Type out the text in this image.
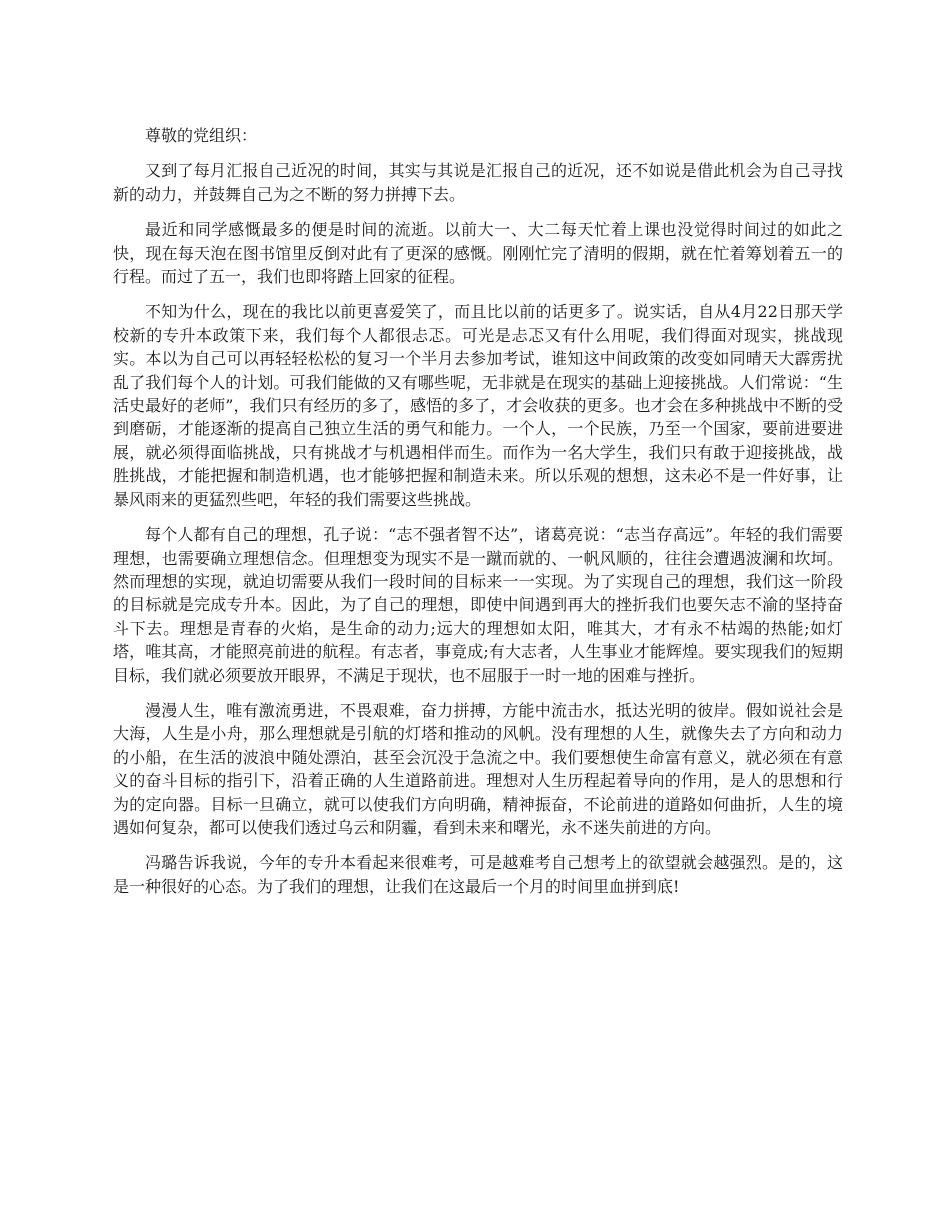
尊敬的党组织：

又到了每月汇报自己近况的时间，其实与其说是汇报自己的近况，还不如说是借此机会为自己寻找新的动力，并鼓舞自己为之不断的努力拼搏下去。

最近和同学感慨最多的便是时间的流逝。以前大一、大二每天忙着上课也没觉得时间过的如此之快，现在每天泡在图书馆里反倒对此有了更深的感慨。刚刚忙完了清明的假期，就在忙着筹划着五一的行程。而过了五一，我们也即将踏上回家的征程。

不知为什么，现在的我比以前更喜爱笑了，而且比以前的话更多了。说实话，自从4月22日那天学校新的专升本政策下来，我们每个人都很忐忑。可光是忐忑又有什么用呢，我们得面对现实，挑战现实。本以为自己可以再轻轻松松的复习一个半月去参加考试，谁知这中间政策的改变如同晴天大霹雳扰乱了我们每个人的计划。可我们能做的又有哪些呢，无非就是在现实的基础上迎接挑战。人们常说：“生活史最好的老师”，我们只有经历的多了，感悟的多了，才会收获的更多。也才会在多种挑战中不断的受到磨砺，才能逐渐的提高自己独立生活的勇气和能力。一个人，一个民族，乃至一个国家，要前进要进展，就必须得面临挑战，只有挑战才与机遇相伴而生。而作为一名大学生，我们只有敢于迎接挑战，战胜挑战，才能把握和制造机遇，也才能够把握和制造未来。所以乐观的想想，这未必不是一件好事，让暴风雨来的更猛烈些吧，年轻的我们需要这些挑战。

每个人都有自己的理想，孔子说：“志不强者智不达”，诸葛亮说：“志当存高远”。年轻的我们需要理想，也需要确立理想信念。但理想变为现实不是一蹴而就的、一帆风顺的，往往会遭遇波澜和坎坷。然而理想的实现，就迫切需要从我们一段时间的目标来一一实现。为了实现自己的理想，我们这一阶段的目标就是完成专升本。因此，为了自己的理想，即使中间遇到再大的挫折我们也要矢志不渝的坚持奋斗下去。理想是青春的火焰，是生命的动力;远大的理想如太阳，唯其大，才有永不枯竭的热能;如灯塔，唯其高，才能照亮前进的航程。有志者，事竟成;有大志者，人生事业才能辉煌。要实现我们的短期目标，我们就必须要放开眼界，不满足于现状，也不屈服于一时一地的困难与挫折。

漫漫人生，唯有激流勇进，不畏艰难，奋力拼搏，方能中流击水，抵达光明的彼岸。假如说社会是大海，人生是小舟，那么理想就是引航的灯塔和推动的风帆。没有理想的人生，就像失去了方向和动力的小船，在生活的波浪中随处漂泊，甚至会沉没于急流之中。我们要想使生命富有意义，就必须在有意义的奋斗目标的指引下，沿着正确的人生道路前进。理想对人生历程起着导向的作用，是人的思想和行为的定向器。目标一旦确立，就可以使我们方向明确，精神振奋，不论前进的道路如何曲折，人生的境遇如何复杂，都可以使我们透过乌云和阴霾，看到未来和曙光，永不迷失前进的方向。

冯璐告诉我说，今年的专升本看起来很难考，可是越难考自己想考上的欲望就会越强烈。是的，这是一种很好的心态。为了我们的理想，让我们在这最后一个月的时间里血拼到底!
